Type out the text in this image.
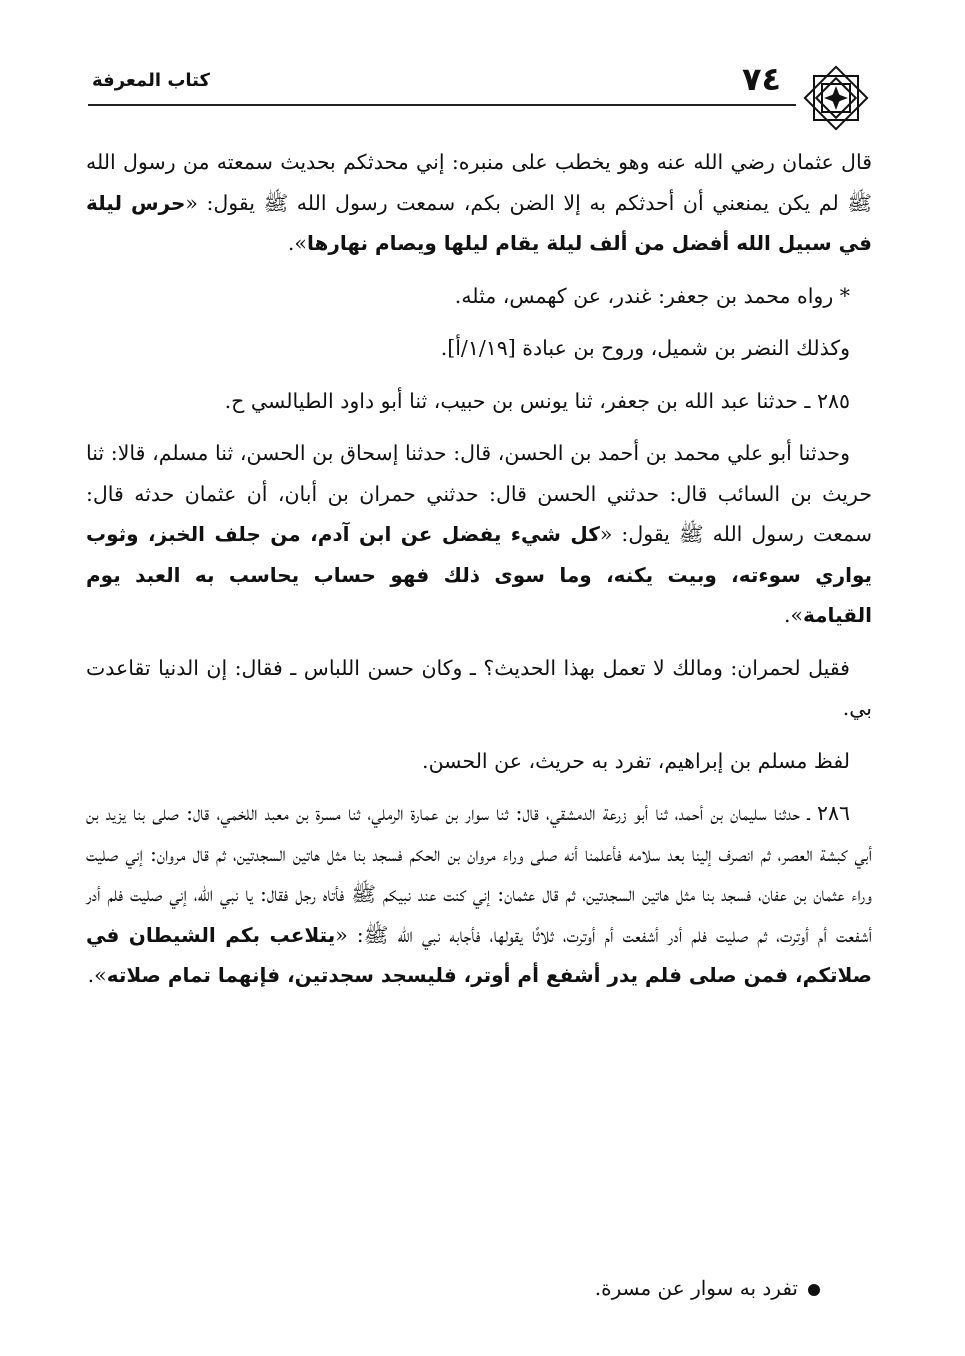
كتاب المعرفة	٧٤

قال عثمان رضي الله عنه وهو يخطب على منبره: إني محدثكم بحديث سمعته من رسول الله ﷺ لم يكن يمنعني أن أحدثكم به إلا الضن بكم، سمعت رسول الله ﷺ يقول: «حرس ليلة في سبيل الله أفضل من ألف ليلة يقام ليلها ويصام نهارها».

* رواه محمد بن جعفر: غندر، عن كهمس، مثله.

وكذلك النضر بن شميل، وروح بن عبادة [١/١٩/أ].

٢٨٥ ـ حدثنا عبد الله بن جعفر، ثنا يونس بن حبيب، ثنا أبو داود الطيالسي ح.

وحدثنا أبو علي محمد بن أحمد بن الحسن، قال: حدثنا إسحاق بن الحسن، ثنا مسلم، قالا: ثنا حريث بن السائب قال: حدثني الحسن قال: حدثني حمران بن أبان، أن عثمان حدثه قال: سمعت رسول الله ﷺ يقول: «كل شيء يفضل عن ابن آدم، من جلف الخبز، وثوب يواري سوءته، وبيت يكنه، وما سوى ذلك فهو حساب يحاسب به العبد يوم القيامة».

فقيل لحمران: ومالك لا تعمل بهذا الحديث؟ ـ وكان حسن اللباس ـ فقال: إن الدنيا تقاعدت بي.

لفظ مسلم بن إبراهيم، تفرد به حريث، عن الحسن.

٢٨٦ ـ حدثنا سليمان بن أحمد، ثنا أبو زرعة الدمشقي، قال: ثنا سوار بن عمارة الرملي، ثنا مسرة بن معبد اللخمي، قال: صلى بنا يزيد بن أبي كبشة العصر، ثم انصرف إلينا بعد سلامه فأعلمنا أنه صلى وراء مروان بن الحكم فسجد بنا مثل هاتين السجدتين، ثم قال مروان: إني صليت وراء عثمان بن عفان، فسجد بنا مثل هاتين السجدتين، ثم قال عثمان: إني كنت عند نبيكم ﷺ فأتاه رجل فقال: يا نبي الله، إني صليت فلم أدر أشفعت أم أوترت، ثم صليت فلم أدر أشفعت أم أوترت، ثلاثًا يقولها، فأجابه نبي الله ﷺ: «يتلاعب بكم الشيطان في صلاتكم، فمن صلى فلم يدر أشفع أم أوتر، فليسجد سجدتين، فإنهما تمام صلاته».

تفرد به سوار عن مسرة.
